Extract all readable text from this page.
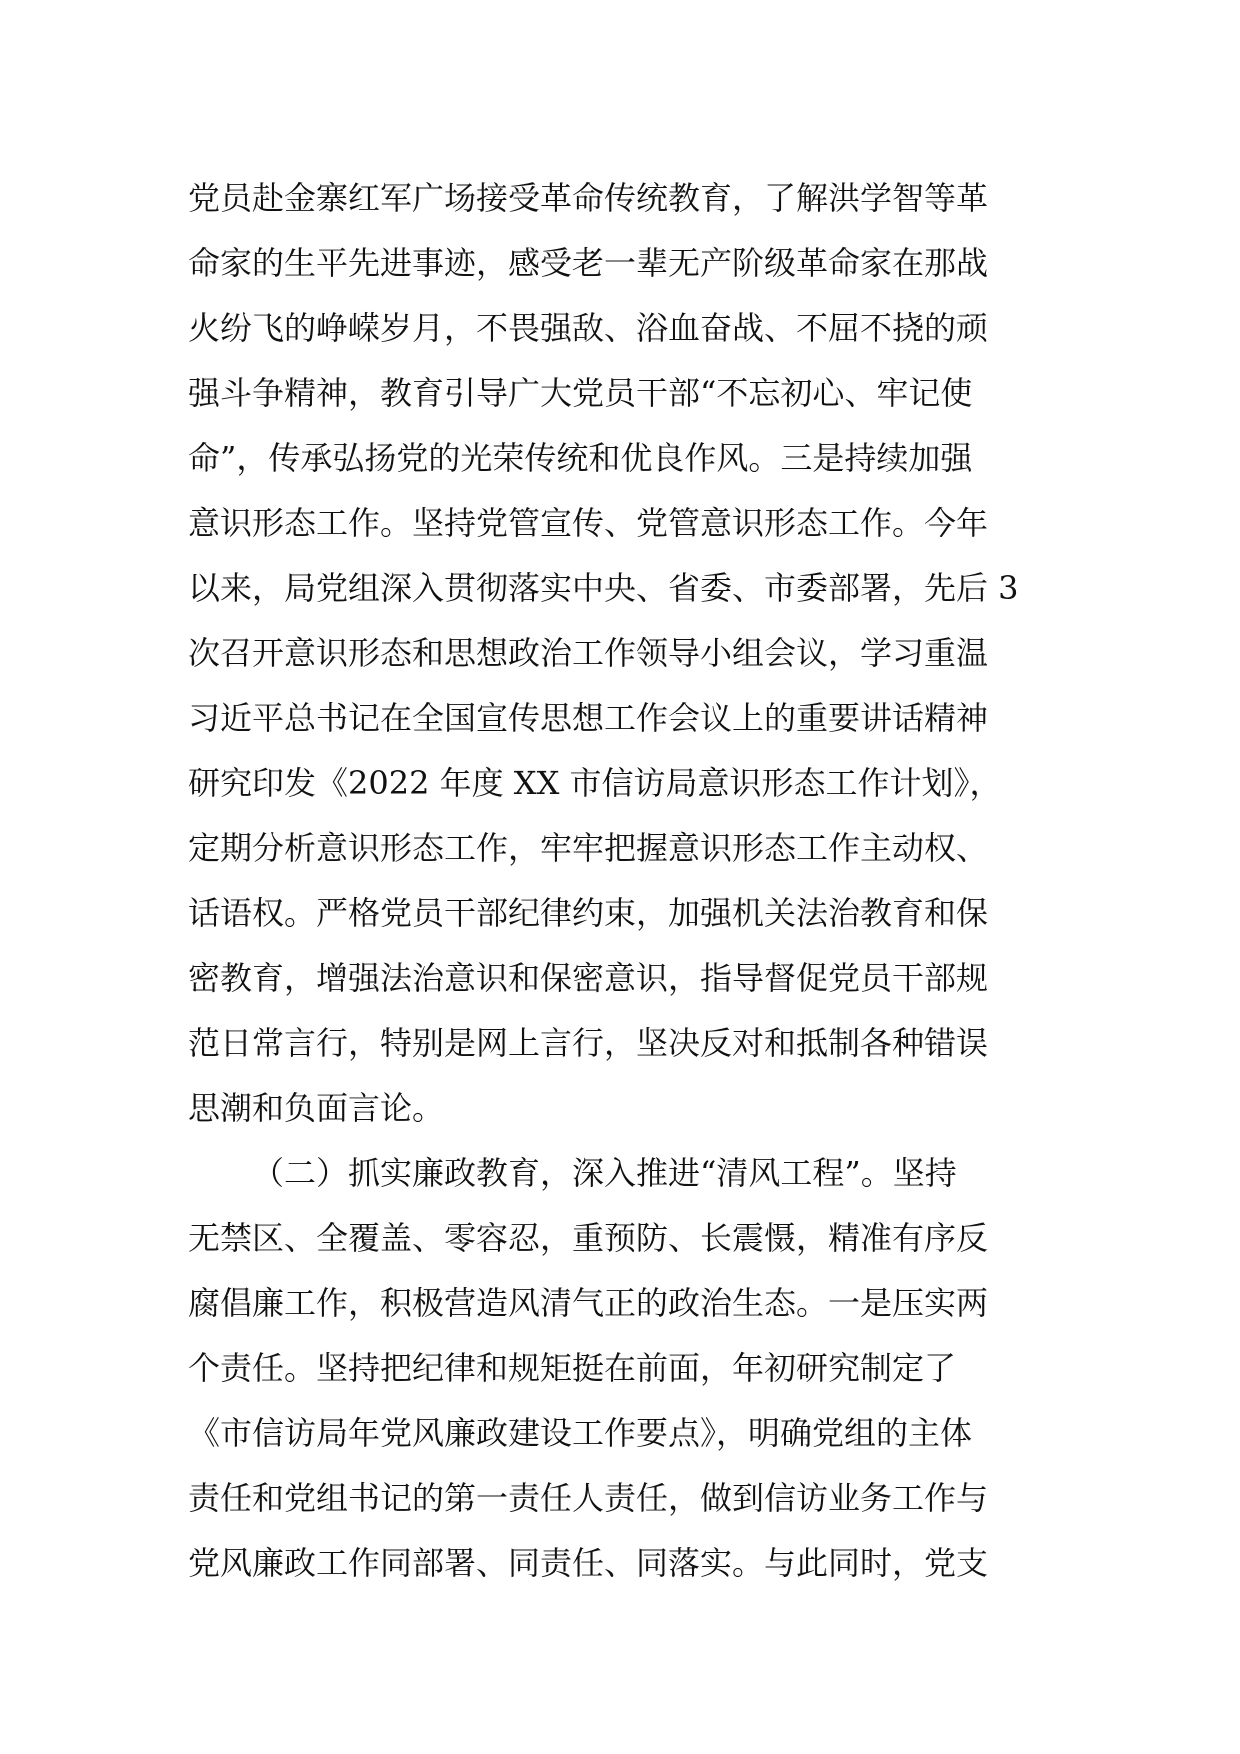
党员赴金寨红军广场接受革命传统教育，了解洪学智等革
命家的生平先进事迹，感受老一辈无产阶级革命家在那战
火纷飞的峥嵘岁月，不畏强敌、浴血奋战、不屈不挠的顽
强斗争精神，教育引导广大党员干部“不忘初心、牢记使
命”，传承弘扬党的光荣传统和优良作风。三是持续加强
意识形态工作。坚持党管宣传、党管意识形态工作。今年
以来，局党组深入贯彻落实中央、省委、市委部署，先后 3
次召开意识形态和思想政治工作领导小组会议，学习重温
习近平总书记在全国宣传思想工作会议上的重要讲话精神
研究印发《2022 年度 XX 市信访局意识形态工作计划》，
定期分析意识形态工作，牢牢把握意识形态工作主动权、
话语权。严格党员干部纪律约束，加强机关法治教育和保
密教育，增强法治意识和保密意识，指导督促党员干部规
范日常言行，特别是网上言行，坚决反对和抵制各种错误
思潮和负面言论。
（二）抓实廉政教育，深入推进“清风工程”。坚持
无禁区、全覆盖、零容忍，重预防、长震慑，精准有序反
腐倡廉工作，积极营造风清气正的政治生态。一是压实两
个责任。坚持把纪律和规矩挺在前面，年初研究制定了
《市信访局年党风廉政建设工作要点》，明确党组的主体
责任和党组书记的第一责任人责任，做到信访业务工作与
党风廉政工作同部署、同责任、同落实。与此同时，党支
